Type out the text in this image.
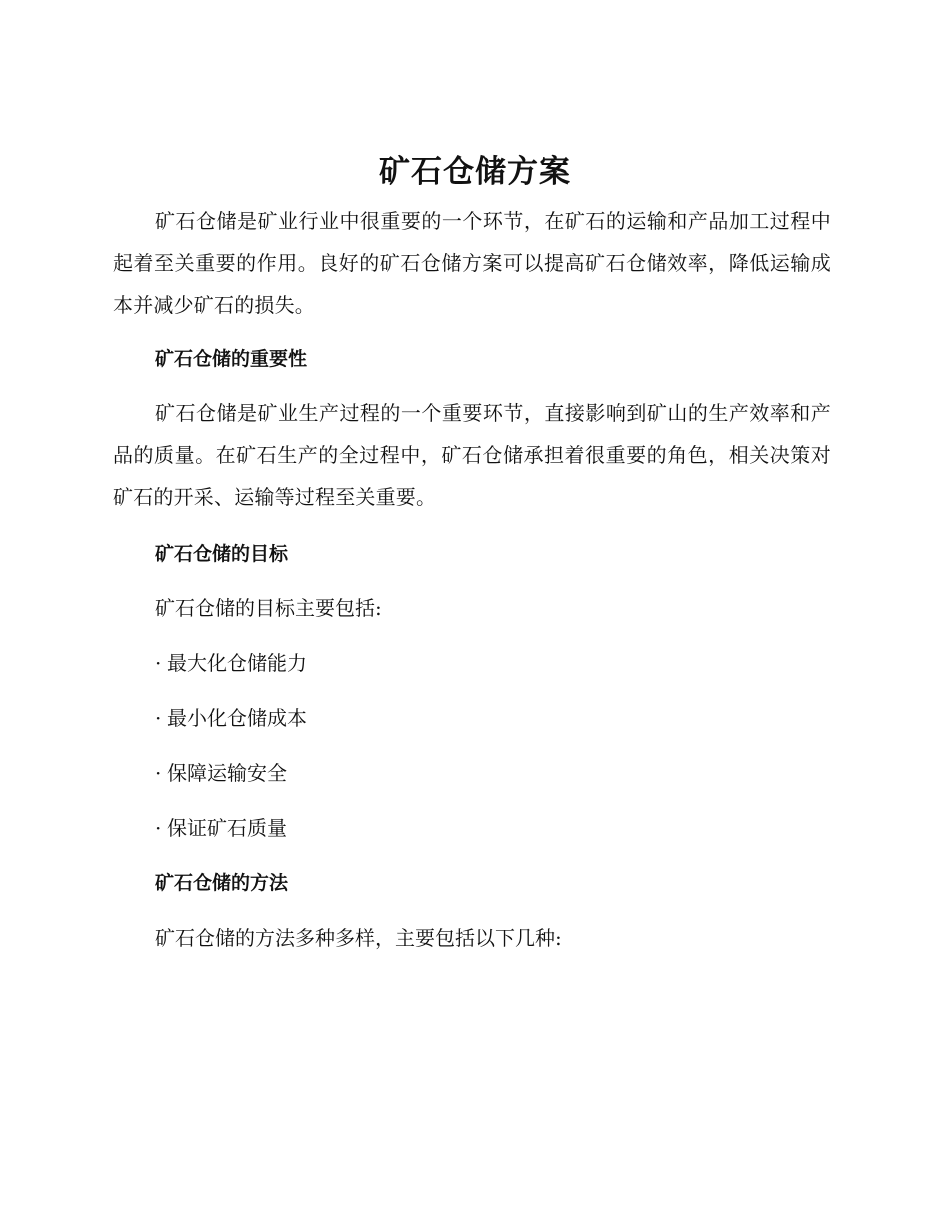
矿石仓储方案

矿石仓储是矿业行业中很重要的一个环节，在矿石的运输和产品加工过程中起着至关重要的作用。良好的矿石仓储方案可以提高矿石仓储效率，降低运输成本并减少矿石的损失。

矿石仓储的重要性

矿石仓储是矿业生产过程的一个重要环节，直接影响到矿山的生产效率和产品的质量。在矿石生产的全过程中，矿石仓储承担着很重要的角色，相关决策对矿石的开采、运输等过程至关重要。

矿石仓储的目标

矿石仓储的目标主要包括:

· 最大化仓储能力
· 最小化仓储成本
· 保障运输安全
· 保证矿石质量
矿石仓储的方法

矿石仓储的方法多种多样，主要包括以下几种:
